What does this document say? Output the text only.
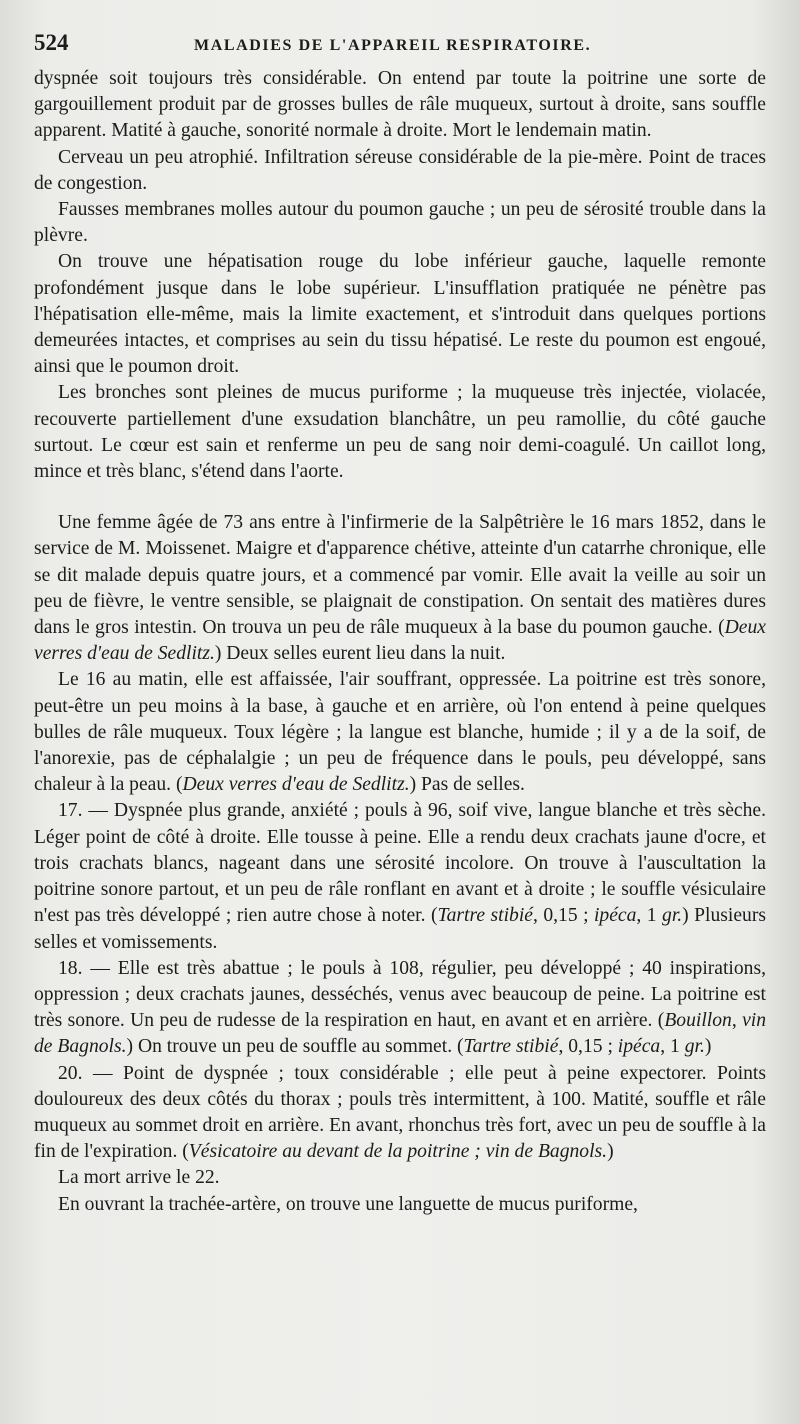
524	MALADIES DE L'APPAREIL RESPIRATOIRE.

dyspnée soit toujours très considérable. On entend par toute la poitrine une sorte de gargouillement produit par de grosses bulles de râle muqueux, surtout à droite, sans souffle apparent. Matité à gauche, sonorité normale à droite. Mort le lendemain matin.

Cerveau un peu atrophié. Infiltration séreuse considérable de la pie-mère. Point de traces de congestion.

Fausses membranes molles autour du poumon gauche ; un peu de sérosité trouble dans la plèvre.

On trouve une hépatisation rouge du lobe inférieur gauche, laquelle remonte profondément jusque dans le lobe supérieur. L'insufflation pratiquée ne pénètre pas l'hépatisation elle-même, mais la limite exactement, et s'introduit dans quelques portions demeurées intactes, et comprises au sein du tissu hépatisé. Le reste du poumon est engoué, ainsi que le poumon droit.

Les bronches sont pleines de mucus puriforme ; la muqueuse très injectée, violacée, recouverte partiellement d'une exsudation blanchâtre, un peu ramollie, du côté gauche surtout. Le cœur est sain et renferme un peu de sang noir demi-coagulé. Un caillot long, mince et très blanc, s'étend dans l'aorte.

Une femme âgée de 73 ans entre à l'infirmerie de la Salpêtrière le 16 mars 1852, dans le service de M. Moissenet. Maigre et d'apparence chétive, atteinte d'un catarrhe chronique, elle se dit malade depuis quatre jours, et a commencé par vomir. Elle avait la veille au soir un peu de fièvre, le ventre sensible, se plaignait de constipation. On sentait des matières dures dans le gros intestin. On trouva un peu de râle muqueux à la base du poumon gauche. (Deux verres d'eau de Sedlitz.) Deux selles eurent lieu dans la nuit.

Le 16 au matin, elle est affaissée, l'air souffrant, oppressée. La poitrine est très sonore, peut-être un peu moins à la base, à gauche et en arrière, où l'on entend à peine quelques bulles de râle muqueux. Toux légère ; la langue est blanche, humide ; il y a de la soif, de l'anorexie, pas de céphalalgie ; un peu de fréquence dans le pouls, peu développé, sans chaleur à la peau. (Deux verres d'eau de Sedlitz.) Pas de selles.

17. — Dyspnée plus grande, anxiété ; pouls à 96, soif vive, langue blanche et très sèche. Léger point de côté à droite. Elle tousse à peine. Elle a rendu deux crachats jaune d'ocre, et trois crachats blancs, nageant dans une sérosité incolore. On trouve à l'auscultation la poitrine sonore partout, et un peu de râle ronflant en avant et à droite ; le souffle vésiculaire n'est pas très développé ; rien autre chose à noter. (Tartre stibié, 0,15 ; ipéca, 1 gr.) Plusieurs selles et vomissements.

18. — Elle est très abattue ; le pouls à 108, régulier, peu développé ; 40 inspirations, oppression ; deux crachats jaunes, desséchés, venus avec beaucoup de peine. La poitrine est très sonore. Un peu de rudesse de la respiration en haut, en avant et en arrière. (Bouillon, vin de Bagnols.) On trouve un peu de souffle au sommet. (Tartre stibié, 0,15 ; ipéca, 1 gr.)

20. — Point de dyspnée ; toux considérable ; elle peut à peine expectorer. Points douloureux des deux côtés du thorax ; pouls très intermittent, à 100. Matité, souffle et râle muqueux au sommet droit en arrière. En avant, rhonchus très fort, avec un peu de souffle à la fin de l'expiration. (Vésicatoire au devant de la poitrine ; vin de Bagnols.)

La mort arrive le 22.

En ouvrant la trachée-artère, on trouve une languette de mucus puriforme,
